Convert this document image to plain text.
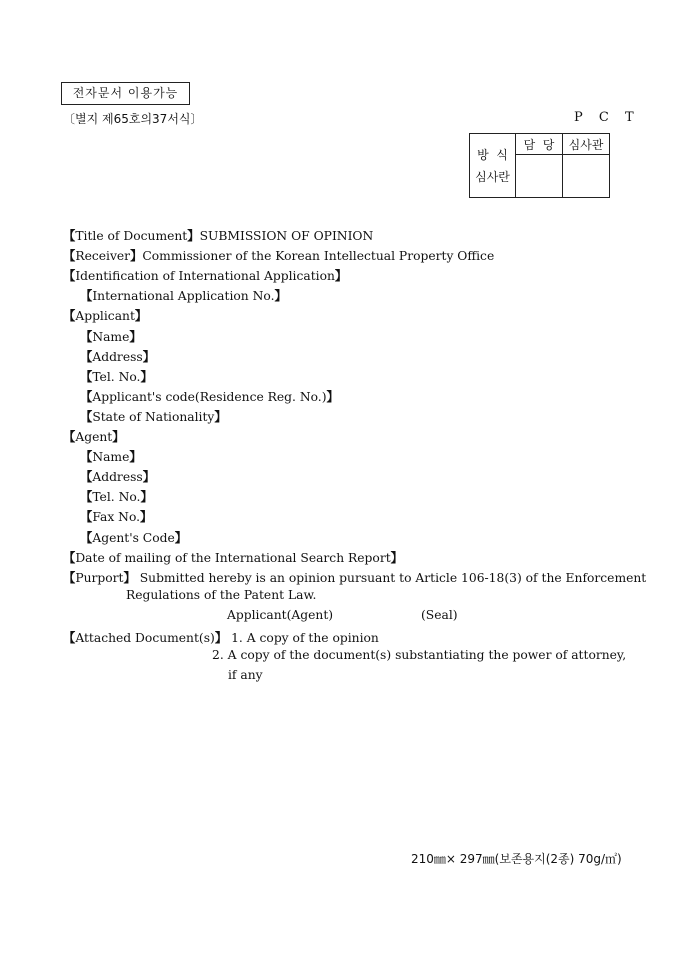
전자문서 이용가능
〔별지 제65호의37서식〕	P C T
방  식
심사란	담  당	심사관

【Title of Document】SUBMISSION OF OPINION
【Receiver】Commissioner of the Korean Intellectual Property Office
【Identification of International Application】
【International Application No.】
【Applicant】
【Name】
【Address】
【Tel. No.】
【Applicant's code(Residence Reg. No.)】
【State of Nationality】
【Agent】
【Name】
【Address】
【Tel. No.】
【Fax No.】
【Agent's Code】
【Date of mailing of the International Search Report】
【Purport】 Submitted hereby is an opinion pursuant to Article 106-18(3) of the Enforcement
Regulations of the Patent Law.
Applicant(Agent)	(Seal)
【Attached Document(s)】 1. A copy of the opinion
2. A copy of the document(s) substantiating the power of attorney,
if any
210㎜× 297㎜(보존용지(2종) 70g/㎡)
